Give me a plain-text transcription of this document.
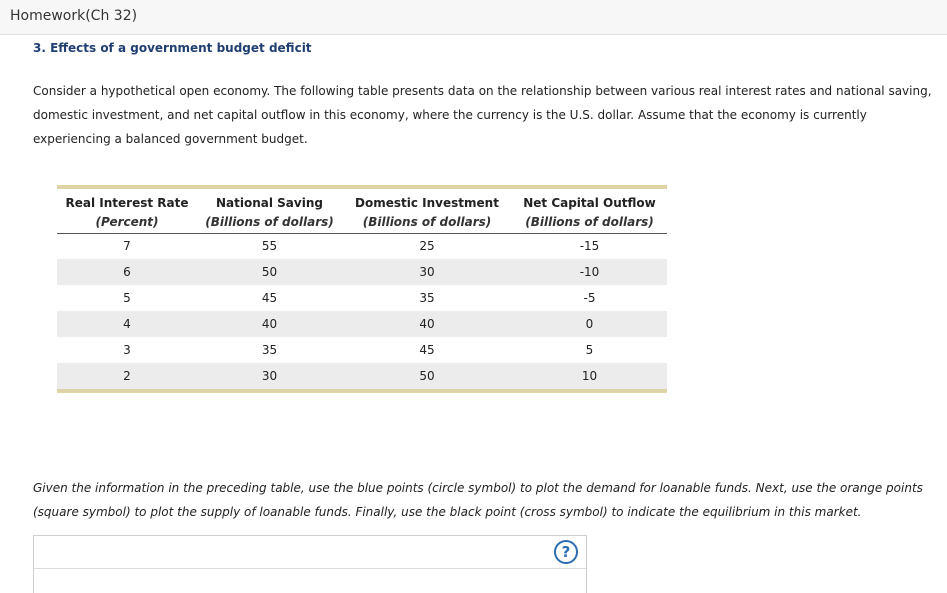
Homework(Ch 32)
3. Effects of a government budget deficit

Consider a hypothetical open economy. The following table presents data on the relationship between various real interest rates and national saving, domestic investment, and net capital outflow in this economy, where the currency is the U.S. dollar. Assume that the economy is currently experiencing a balanced government budget.

Real Interest Rate	National Saving	Domestic Investment	Net Capital Outflow
(Percent)	(Billions of dollars)	(Billions of dollars)	(Billions of dollars)
7	55	25	-15
6	50	30	-10
5	45	35	-5
4	40	40	0
3	35	45	5
2	30	50	10

Given the information in the preceding table, use the blue points (circle symbol) to plot the demand for loanable funds. Next, use the orange points (square symbol) to plot the supply of loanable funds. Finally, use the black point (cross symbol) to indicate the equilibrium in this market.

?
